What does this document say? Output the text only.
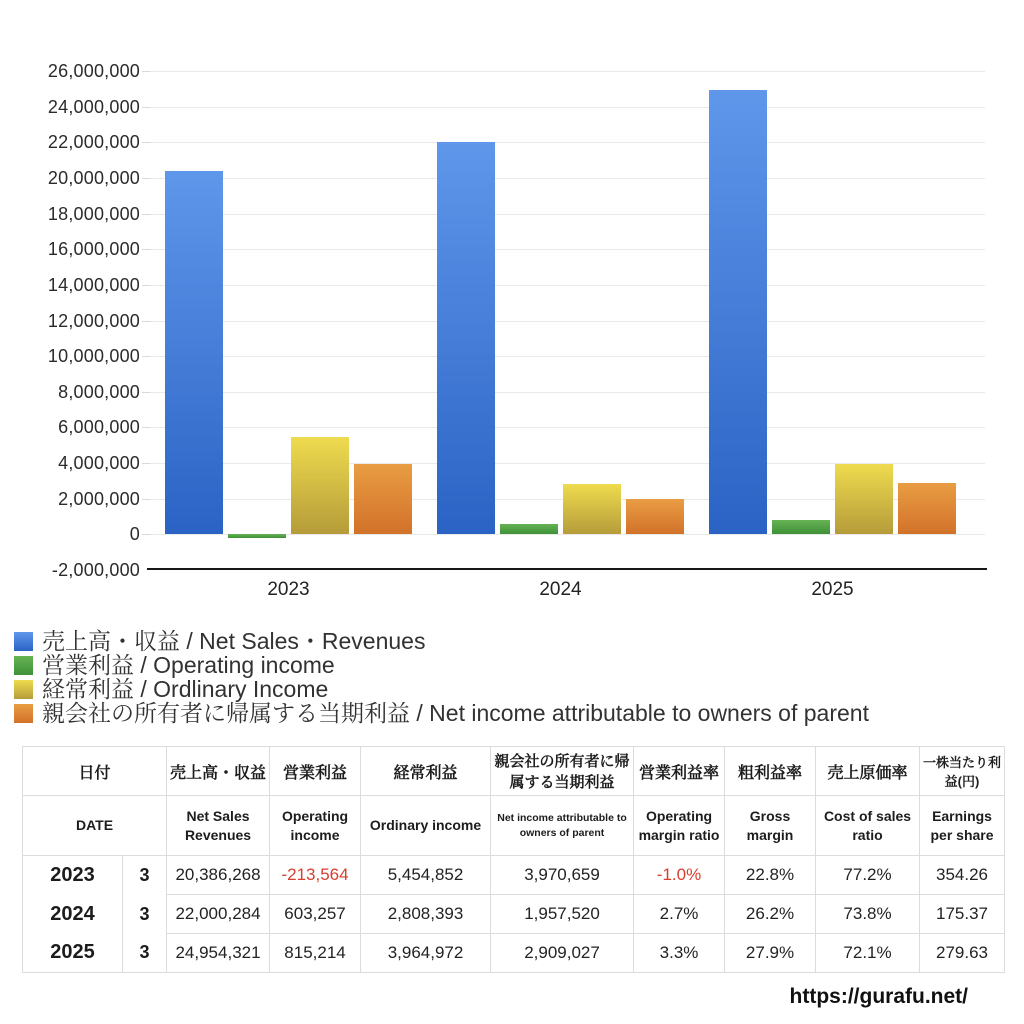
26,000,000
24,000,000
22,000,000
20,000,000
18,000,000
16,000,000
14,000,000
12,000,000
10,000,000
8,000,000
6,000,000
4,000,000
2,000,000
0
-2,000,000
2023	2024	2025
売上高・収益 / Net Sales・Revenues
営業利益 / Operating income
経常利益 / Ordlinary Income
親会社の所有者に帰属する当期利益 / Net income attributable to owners of parent
日付		売上高・収益	営業利益	経常利益	親会社の所有者に帰属する当期利益	営業利益率	粗利益率	売上原価率	一株当たり利益(円)
DATE		Net Sales Revenues	Operating income	Ordinary income	Net income attributable to owners of parent	Operating margin ratio	Gross margin	Cost of sales ratio	Earnings per share
2023	3	20,386,268	-213,564	5,454,852	3,970,659	-1.0%	22.8%	77.2%	354.26
2024	3	22,000,284	603,257	2,808,393	1,957,520	2.7%	26.2%	73.8%	175.37
2025	3	24,954,321	815,214	3,964,972	2,909,027	3.3%	27.9%	72.1%	279.63
https://gurafu.net/
